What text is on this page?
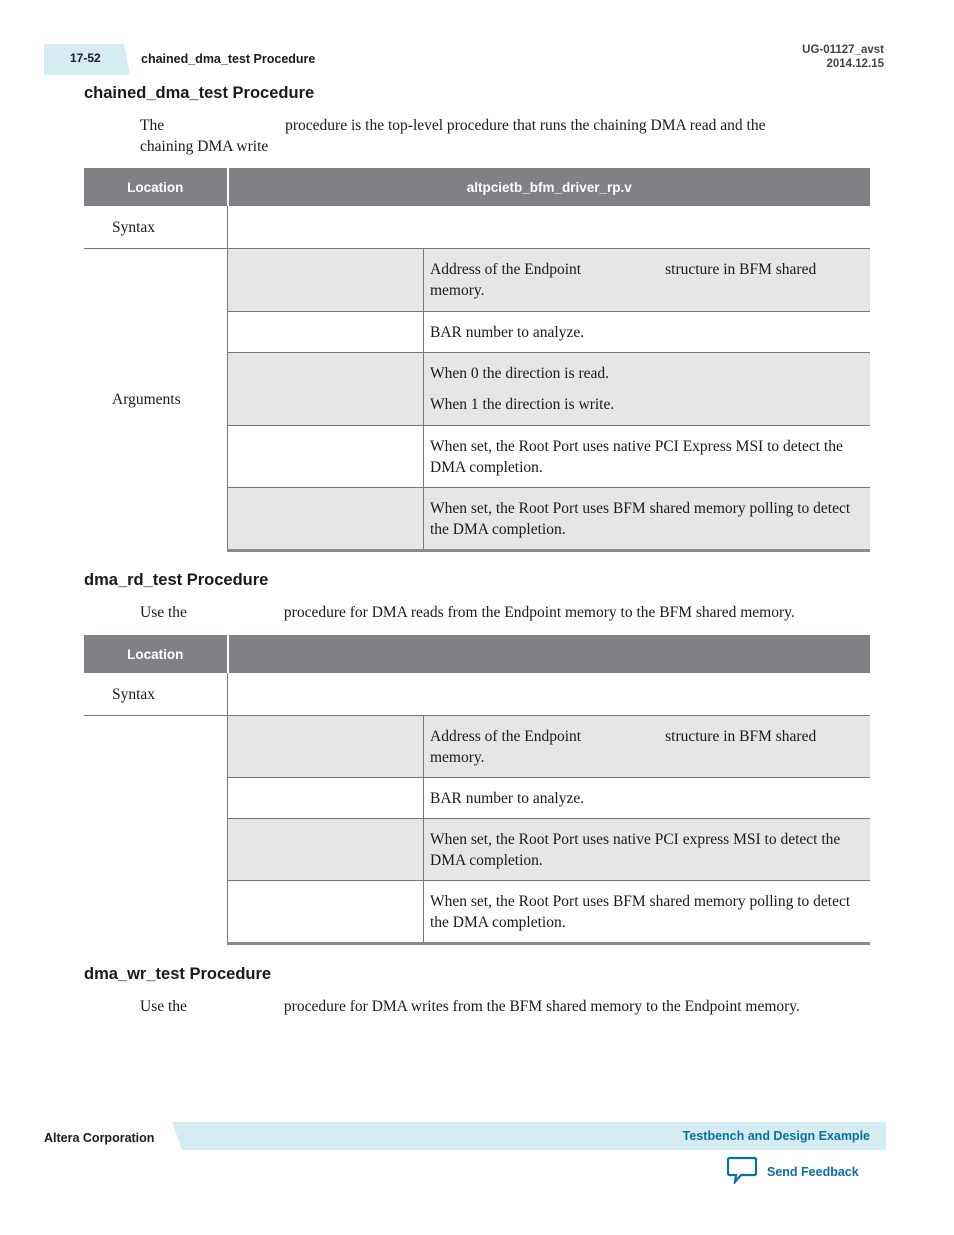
17-52	chained_dma_test Procedure
UG-01127_avst
2014.12.15
chained_dma_test Procedure
The	procedure is the top-level procedure that runs the chaining DMA read and the
chaining DMA write
Location	altpcietb_bfm_driver_rp.v	
Syntax		
Arguments		Address of the Endpoint structure in BFM shared memory.
		BAR number to analyze.

		When 0 the direction is read.

When 1 the direction is write.

		When set, the Root Port uses native PCI Express MSI to detect the DMA completion.
		When set, the Root Port uses BFM shared memory polling to detect the DMA completion.
dma_rd_test Procedure
Use the	procedure for DMA reads from the Endpoint memory to the BFM shared memory.
Location		
Syntax		
		Address of the Endpoint structure in BFM shared memory.
		BAR number to analyze.
		When set, the Root Port uses native PCI express MSI to detect the DMA completion.
		When set, the Root Port uses BFM shared memory polling to detect the DMA completion.
dma_wr_test Procedure
Use the	procedure for DMA writes from the BFM shared memory to the Endpoint memory.
Altera Corporation	Testbench and Design Example
Send Feedback
